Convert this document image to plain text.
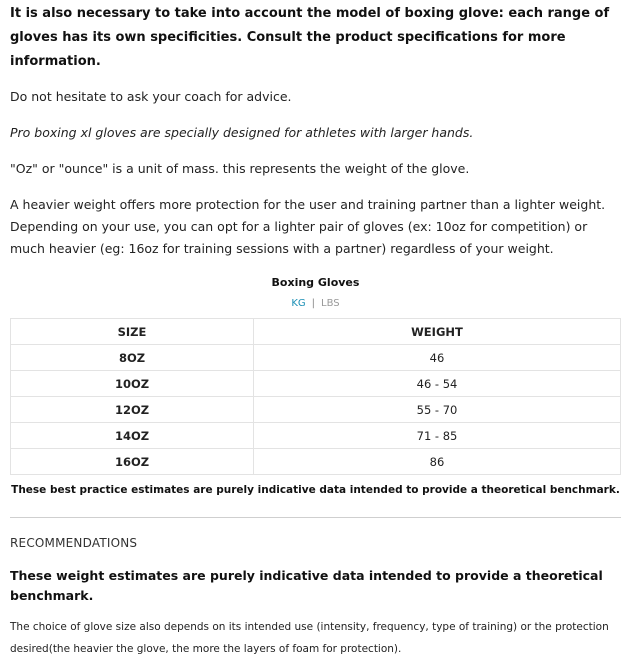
It is also necessary to take into account the model of boxing glove: each range of gloves has its own specificities. Consult the product specifications for more information.

Do not hesitate to ask your coach for advice.

Pro boxing xl gloves are specially designed for athletes with larger hands.

"Oz" or "ounce" is a unit of mass. this represents the weight of the glove.

A heavier weight offers more protection for the user and training partner than a lighter weight. Depending on your use, you can opt for a lighter pair of gloves (ex: 10oz for competition) or much heavier (eg: 16oz for training sessions with a partner) regardless of your weight.

Boxing Gloves
KG | LBS
SIZE	WEIGHT
8OZ	46
10OZ	46 - 54
12OZ	55 - 70
14OZ	71 - 85
16OZ	86

These best practice estimates are purely indicative data intended to provide a theoretical benchmark.

RECOMMENDATIONS

These weight estimates are purely indicative data intended to provide a theoretical benchmark.

The choice of glove size also depends on its intended use (intensity, frequency, type of training) or the protection desired(the heavier the glove, the more the layers of foam for protection).
